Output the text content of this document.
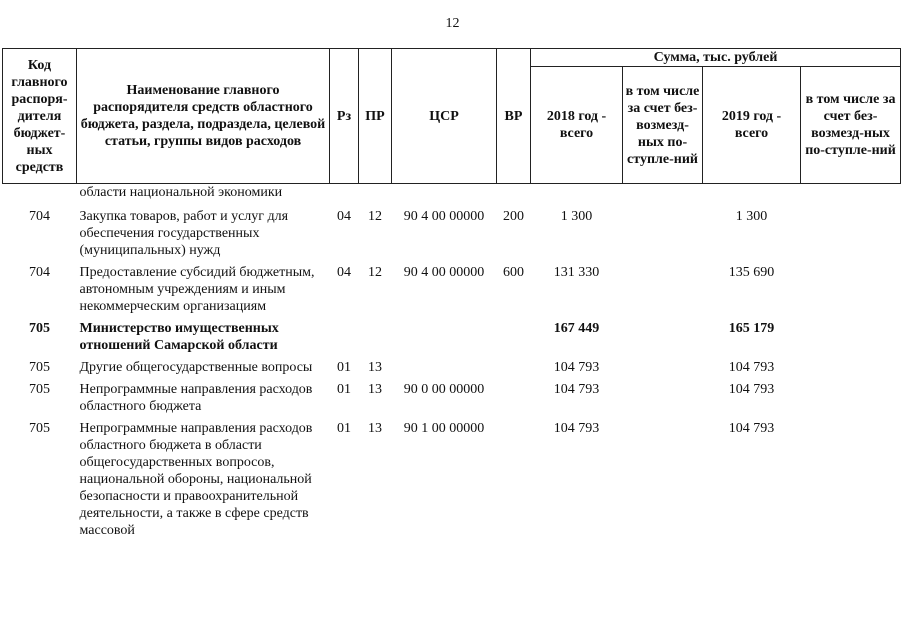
12
Код главного распоря-дителя бюджет-ных средств	Наименование главного распорядителя средств областного бюджета, раздела, подраздела, целевой статьи, группы видов расходов	Рз	ПР	ЦСР	ВР	Сумма, тыс. рублей			
						2018 год - всего	в том числе за счет без-возмезд-ных по-ступле-ний	2019 год - всего	в том числе за счет без-возмезд-ных по-ступле-ний
	области национальной экономики								
704	Закупка товаров, работ и услуг для обеспечения государственных (муниципальных) нужд	04	12	90 4 00 00000	200	1 300		1 300	
704	Предоставление субсидий бюджетным, автономным учреждениям и иным некоммерческим организациям	04	12	90 4 00 00000	600	131 330		135 690	
705	Министерство имущественных отношений Самарской области					167 449		165 179	
705	Другие общегосударственные вопросы	01	13			104 793		104 793	
705	Непрограммные направления расходов областного бюджета	01	13	90 0 00 00000		104 793		104 793	
705	Непрограммные направления расходов областного бюджета в области общегосударственных вопросов, национальной обороны, национальной безопасности и правоохранительной деятельности, а также в сфере средств массовой	01	13	90 1 00 00000		104 793		104 793	
